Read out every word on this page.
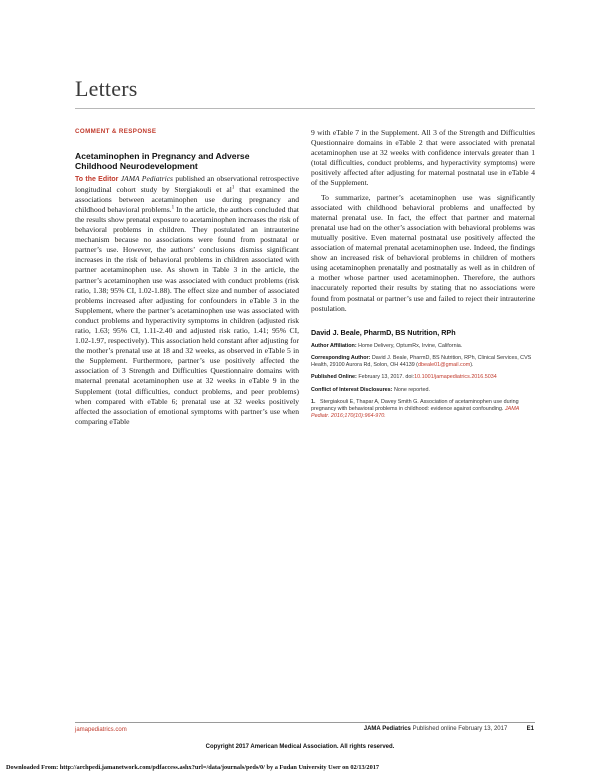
Letters
COMMENT & RESPONSE
Acetaminophen in Pregnancy and Adverse
Childhood Neurodevelopment

To the Editor JAMA Pediatrics published an observational retrospective longitudinal cohort study by Stergiakouli et $al^1$ that examined the associations between acetaminophen use during pregnancy and childhood behavioral problems.$^1$ In the article, the authors concluded that the results show prenatal exposure to acetaminophen increases the risk of behavioral problems in children. They postulated an intrauterine mechanism because no associations were found from postnatal or partner’s use. However, the authors’ conclusions dismiss significant increases in the risk of behavioral problems in children associated with partner acetaminophen use. As shown in Table 3 in the article, the partner’s acetaminophen use was associated with conduct problems (risk ratio, 1.38; 95% CI, 1.02-1.88). The effect size and number of associated problems increased after adjusting for confounders in eTable 3 in the Supplement, where the partner’s acetaminophen use was associated with conduct problems and hyperactivity symptoms in children (adjusted risk ratio, 1.63; 95% CI, 1.11-2.40 and adjusted risk ratio, 1.41; 95% CI, 1.02-1.97, respectively). This association held constant after adjusting for the mother’s prenatal use at 18 and 32 weeks, as observed in eTable 5 in the Supplement. Furthermore, partner’s use positively affected the association of 3 Strength and Difficulties Questionnaire domains with maternal prenatal acetaminophen use at 32 weeks in eTable 9 in the Supplement (total difficulties, conduct problems, and peer problems) when compared with eTable 6; prenatal use at 32 weeks positively affected the association of emotional symptoms with partner’s use when comparing eTable

9 with eTable 7 in the Supplement. All 3 of the Strength and Difficulties Questionnaire domains in eTable 2 that were associated with prenatal acetaminophen use at 32 weeks with confidence intervals greater than 1 (total difficulties, conduct problems, and hyperactivity symptoms) were positively affected after adjusting for maternal postnatal use in eTable 4 of the Supplement.

To summarize, partner’s acetaminophen use was significantly associated with childhood behavioral problems and unaffected by maternal prenatal use. In fact, the effect that partner and maternal prenatal use had on the other’s association with behavioral problems was mutually positive. Even maternal postnatal use positively affected the association of maternal prenatal acetaminophen use. Indeed, the findings show an increased risk of behavioral problems in children of mothers using acetaminophen prenatally and postnatally as well as in children of a mother whose partner used acetaminophen. Therefore, the authors inaccurately reported their results by stating that no associations were found from postnatal or partner’s use and failed to reject their intrauterine postulation.

David J. Beale, PharmD, BS Nutrition, RPh

Author Affiliation: Home Delivery, OptumRx, Irvine, California.

Corresponding Author: David J. Beale, PharmD, BS Nutrition, RPh, Clinical Services, CVS Health, 29100 Aurora Rd, Solon, OH 44139 (dbeale01@gmail.com).

Published Online: February 13, 2017. doi:10.1001/jamapediatrics.2016.5034

Conflict of Interest Disclosures: None reported.

1. Stergiakouli E, Thapar A, Davey Smith G. Association of acetaminophen use during pregnancy with behavioral problems in childhood: evidence against confounding. JAMA Pediatr. 2016;170(10):964-970.

jamapediatrics.com	JAMA Pediatrics Published online February 13, 2017	E1
Copyright 2017 American Medical Association. All rights reserved.
Downloaded From: http://archpedi.jamanetwork.com/pdfaccess.ashx?url=/data/journals/peds/0/ by a Fudan University User on 02/13/2017
